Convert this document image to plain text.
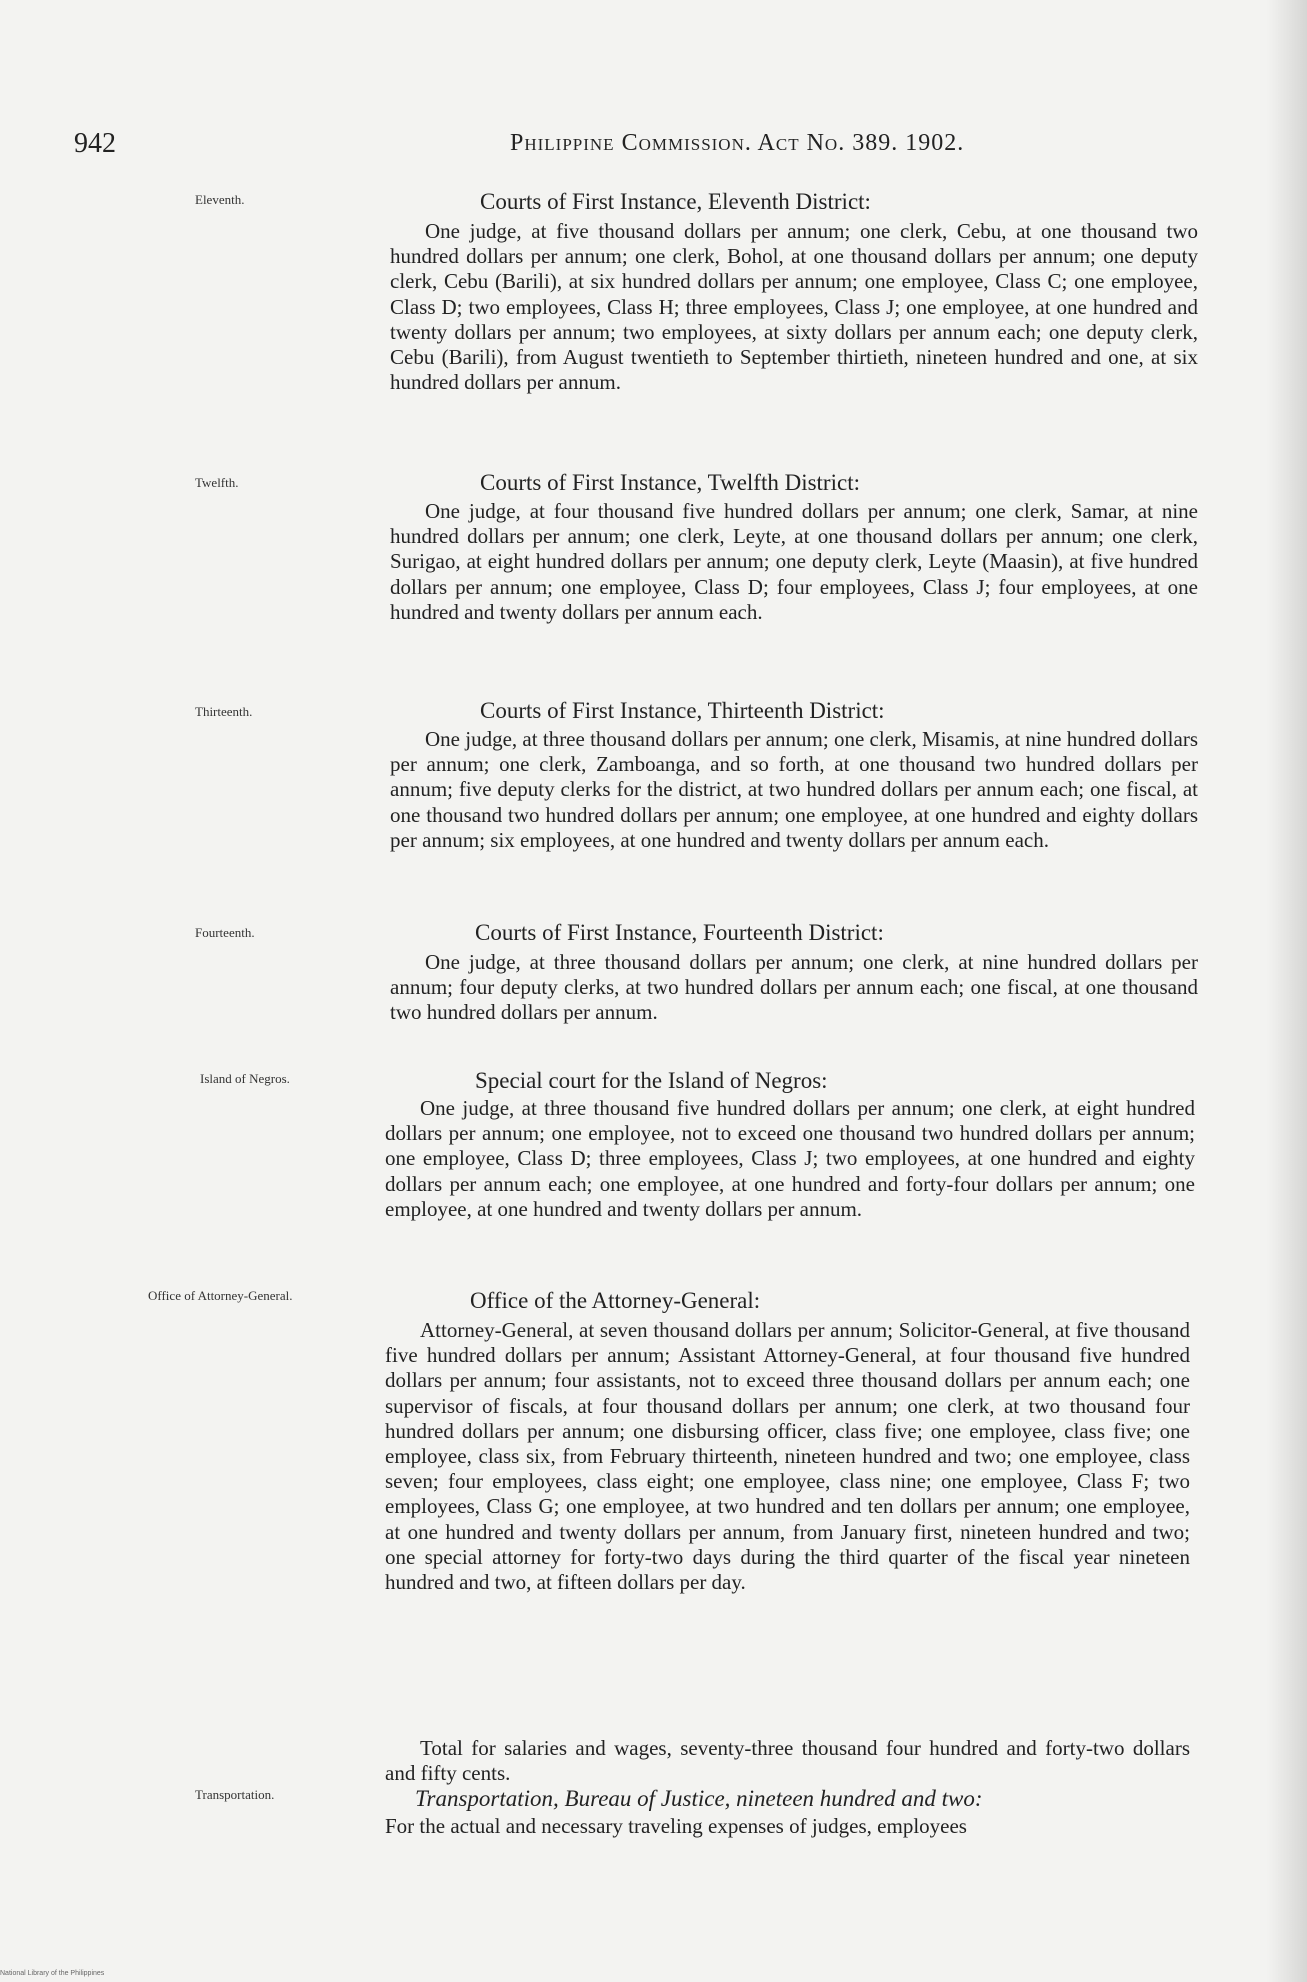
942	Philippine Commission. Act No. 389. 1902.
Eleventh.	Courts of First Instance, Eleventh District:
One judge, at five thousand dollars per annum; one clerk, Cebu, at one thousand two hundred dollars per annum; one clerk, Bohol, at one thousand dollars per annum; one deputy clerk, Cebu (Barili), at six hundred dollars per annum; one employee, Class C; one employee, Class D; two employees, Class H; three employees, Class J; one employee, at one hundred and twenty dollars per annum; two employees, at sixty dollars per annum each; one deputy clerk, Cebu (Barili), from August twentieth to September thirtieth, nineteen hundred and one, at six hundred dollars per annum.
Twelfth.	Courts of First Instance, Twelfth District:
One judge, at four thousand five hundred dollars per annum; one clerk, Samar, at nine hundred dollars per annum; one clerk, Leyte, at one thousand dollars per annum; one clerk, Surigao, at eight hundred dollars per annum; one deputy clerk, Leyte (Maasin), at five hundred dollars per annum; one employee, Class D; four employees, Class J; four employees, at one hundred and twenty dollars per annum each.
Thirteenth.	Courts of First Instance, Thirteenth District:
One judge, at three thousand dollars per annum; one clerk, Misamis, at nine hundred dollars per annum; one clerk, Zamboanga, and so forth, at one thousand two hundred dollars per annum; five deputy clerks for the district, at two hundred dollars per annum each; one fiscal, at one thousand two hundred dollars per annum; one employee, at one hundred and eighty dollars per annum; six employees, at one hundred and twenty dollars per annum each.
Fourteenth.	Courts of First Instance, Fourteenth District:
One judge, at three thousand dollars per annum; one clerk, at nine hundred dollars per annum; four deputy clerks, at two hundred dollars per annum each; one fiscal, at one thousand two hundred dollars per annum.
Island of Negros.	Special court for the Island of Negros:
One judge, at three thousand five hundred dollars per annum; one clerk, at eight hundred dollars per annum; one employee, not to exceed one thousand two hundred dollars per annum; one employee, Class D; three employees, Class J; two employees, at one hundred and eighty dollars per annum each; one employee, at one hundred and forty-four dollars per annum; one employee, at one hundred and twenty dollars per annum.
Office of Attorney-General.	Office of the Attorney-General:
Attorney-General, at seven thousand dollars per annum; Solicitor-General, at five thousand five hundred dollars per annum; Assistant Attorney-General, at four thousand five hundred dollars per annum; four assistants, not to exceed three thousand dollars per annum each; one supervisor of fiscals, at four thousand dollars per annum; one clerk, at two thousand four hundred dollars per annum; one disbursing officer, class five; one employee, class five; one employee, class six, from February thirteenth, nineteen hundred and two; one employee, class seven; four employees, class eight; one employee, class nine; one employee, Class F; two employees, Class G; one employee, at two hundred and ten dollars per annum; one employee, at one hundred and twenty dollars per annum, from January first, nineteen hundred and two; one special attorney for forty-two days during the third quarter of the fiscal year nineteen hundred and two, at fifteen dollars per day.
Total for salaries and wages, seventy-three thousand four hundred and forty-two dollars and fifty cents.
Transportation.	Transportation, Bureau of Justice, nineteen hundred and two:
For the actual and necessary traveling expenses of judges, employees
National Library of the Philippines
